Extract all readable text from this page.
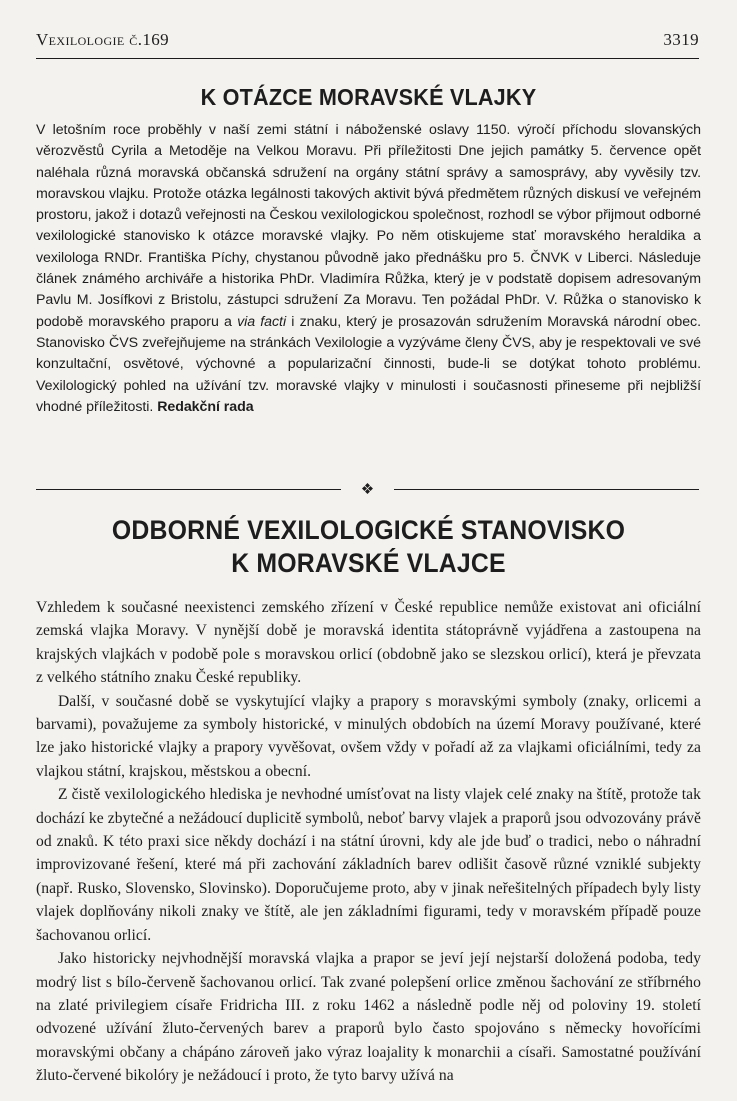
Vexilologie č.169	3319
K OTÁZCE MORAVSKÉ VLAJKY

V letošním roce proběhly v naší zemi státní i náboženské oslavy 1150. výročí příchodu slovanských věrozvěstů Cyrila a Metoděje na Velkou Moravu. Při příležitosti Dne jejich památky 5. července opět naléhala různá moravská občanská sdružení na orgány státní správy a samosprávy, aby vyvěsily tzv. moravskou vlajku. Protože otázka legálnosti takových aktivit bývá předmětem různých diskusí ve veřejném prostoru, jakož i dotazů veřejnosti na Českou vexilologickou společnost, rozhodl se výbor přijmout odborné vexilologické stanovisko k otázce moravské vlajky. Po něm otiskujeme stať moravského heraldika a vexilologa RNDr. Františka Píchy, chystanou původně jako přednášku pro 5. ČNVK v Liberci. Následuje článek známého archiváře a historika PhDr. Vladimíra Růžka, který je v podstatě dopisem adresovaným Pavlu M. Josífkovi z Bristolu, zástupci sdružení Za Moravu. Ten požádal PhDr. V. Růžka o stanovisko k podobě moravského praporu a via facti i znaku, který je prosazován sdružením Moravská národní obec. Stanovisko ČVS zveřejňujeme na stránkách Vexilologie a vyzýváme členy ČVS, aby je respektovali ve své konzultační, osvětové, výchovné a popularizační činnosti, bude-li se dotýkat tohoto problému. Vexilologický pohled na užívání tzv. moravské vlajky v minulosti i současnosti přineseme při nejbližší vhodné příležitosti. Redakční rada

❖
ODBORNÉ VEXILOLOGICKÉ STANOVISKO
K MORAVSKÉ VLAJCE

Vzhledem k současné neexistenci zemského zřízení v České republice nemůže existovat ani oficiální zemská vlajka Moravy. V nynější době je moravská identita státoprávně vyjádřena a zastoupena na krajských vlajkách v podobě pole s moravskou orlicí (obdobně jako se slezskou orlicí), která je převzata z velkého státního znaku České republiky.

Další, v současné době se vyskytující vlajky a prapory s moravskými symboly (znaky, orlicemi a barvami), považujeme za symboly historické, v minulých obdobích na území Moravy používané, které lze jako historické vlajky a prapory vyvěšovat, ovšem vždy v pořadí až za vlajkami oficiálními, tedy za vlajkou státní, krajskou, městskou a obecní.

Z čistě vexilologického hlediska je nevhodné umísťovat na listy vlajek celé znaky na štítě, protože tak dochází ke zbytečné a nežádoucí duplicitě symbolů, neboť barvy vlajek a praporů jsou odvozovány právě od znaků. K této praxi sice někdy dochází i na státní úrovni, kdy ale jde buď o tradici, nebo o náhradní improvizované řešení, které má při zachování základních barev odlišit časově různé vzniklé subjekty (např. Rusko, Slovensko, Slovinsko). Doporučujeme proto, aby v jinak neřešitelných případech byly listy vlajek doplňovány nikoli znaky ve štítě, ale jen základními figurami, tedy v moravském případě pouze šachovanou orlicí.

Jako historicky nejvhodnější moravská vlajka a prapor se jeví její nejstarší doložená podoba, tedy modrý list s bílo-červeně šachovanou orlicí. Tak zvané polepšení orlice změnou šachování ze stříbrného na zlaté privilegiem císaře Fridricha III. z roku 1462 a následně podle něj od poloviny 19. století odvozené užívání žluto-červených barev a praporů bylo často spojováno s německy hovořícími moravskými občany a chápáno zároveň jako výraz loajality k monarchii a císaři. Samostatné používání žluto-červené bikolóry je nežádoucí i proto, že tyto barvy užívá na
